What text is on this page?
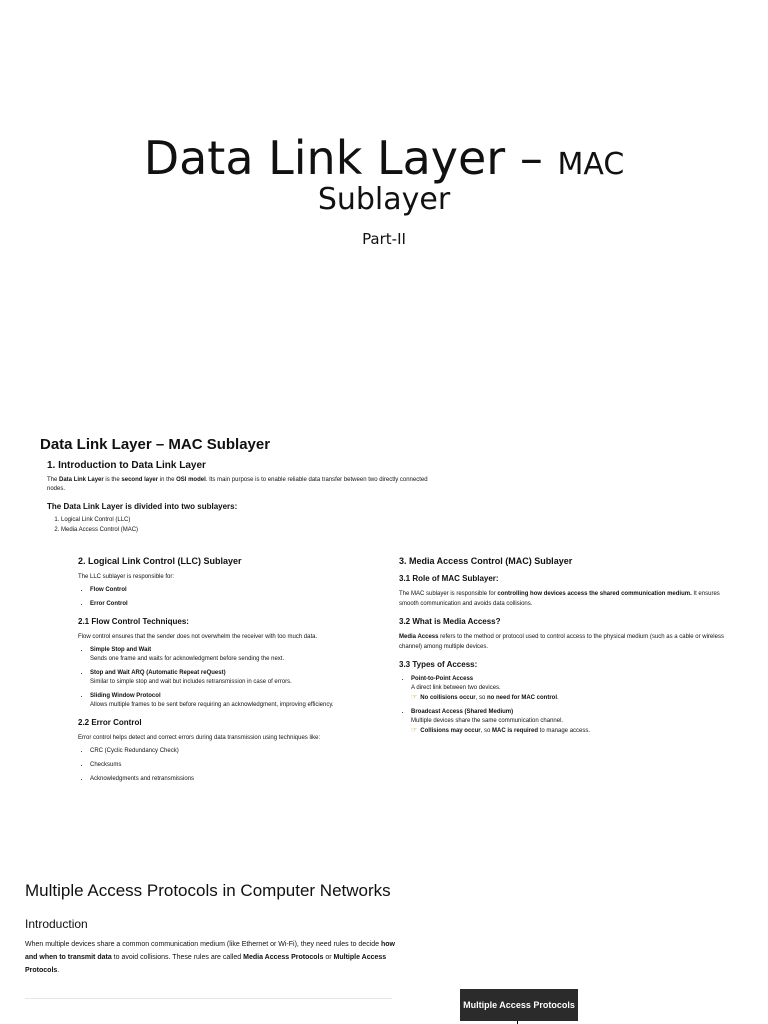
Data Link Layer – MAC
Sublayer
Part-II
Data Link Layer – MAC Sublayer
1. Introduction to Data Link Layer
The Data Link Layer is the second layer in the OSI model. Its main purpose is to enable reliable data transfer between two directly connected nodes.
The Data Link Layer is divided into two sublayers:
1. Logical Link Control (LLC)
2. Media Access Control (MAC)
2. Logical Link Control (LLC) Sublayer
The LLC sublayer is responsible for:
• Flow Control
• Error Control
2.1 Flow Control Techniques:
Flow control ensures that the sender does not overwhelm the receiver with too much data.
• Simple Stop and Wait
Sends one frame and waits for acknowledgment before sending the next.
• Stop and Wait ARQ (Automatic Repeat reQuest)
Similar to simple stop and wait but includes retransmission in case of errors.
• Sliding Window Protocol
Allows multiple frames to be sent before requiring an acknowledgment, improving efficiency.
2.2 Error Control
Error control helps detect and correct errors during data transmission using techniques like:
• CRC (Cyclic Redundancy Check)
• Checksums
• Acknowledgments and retransmissions
3. Media Access Control (MAC) Sublayer
3.1 Role of MAC Sublayer:
The MAC sublayer is responsible for controlling how devices access the shared communication medium. It ensures smooth communication and avoids data collisions.
3.2 What is Media Access?
Media Access refers to the method or protocol used to control access to the physical medium (such as a cable or wireless channel) among multiple devices.
3.3 Types of Access:
• Point-to-Point Access
A direct link between two devices.
☞ No collisions occur, so no need for MAC control.
• Broadcast Access (Shared Medium)
Multiple devices share the same communication channel.
☞ Collisions may occur, so MAC is required to manage access.
Multiple Access Protocols in Computer Networks
Introduction
When multiple devices share a common communication medium (like Ethernet or Wi-Fi), they need rules to decide how and when to transmit data to avoid collisions. These rules are called Media Access Protocols or Multiple Access Protocols.
Multiple Access Protocols
